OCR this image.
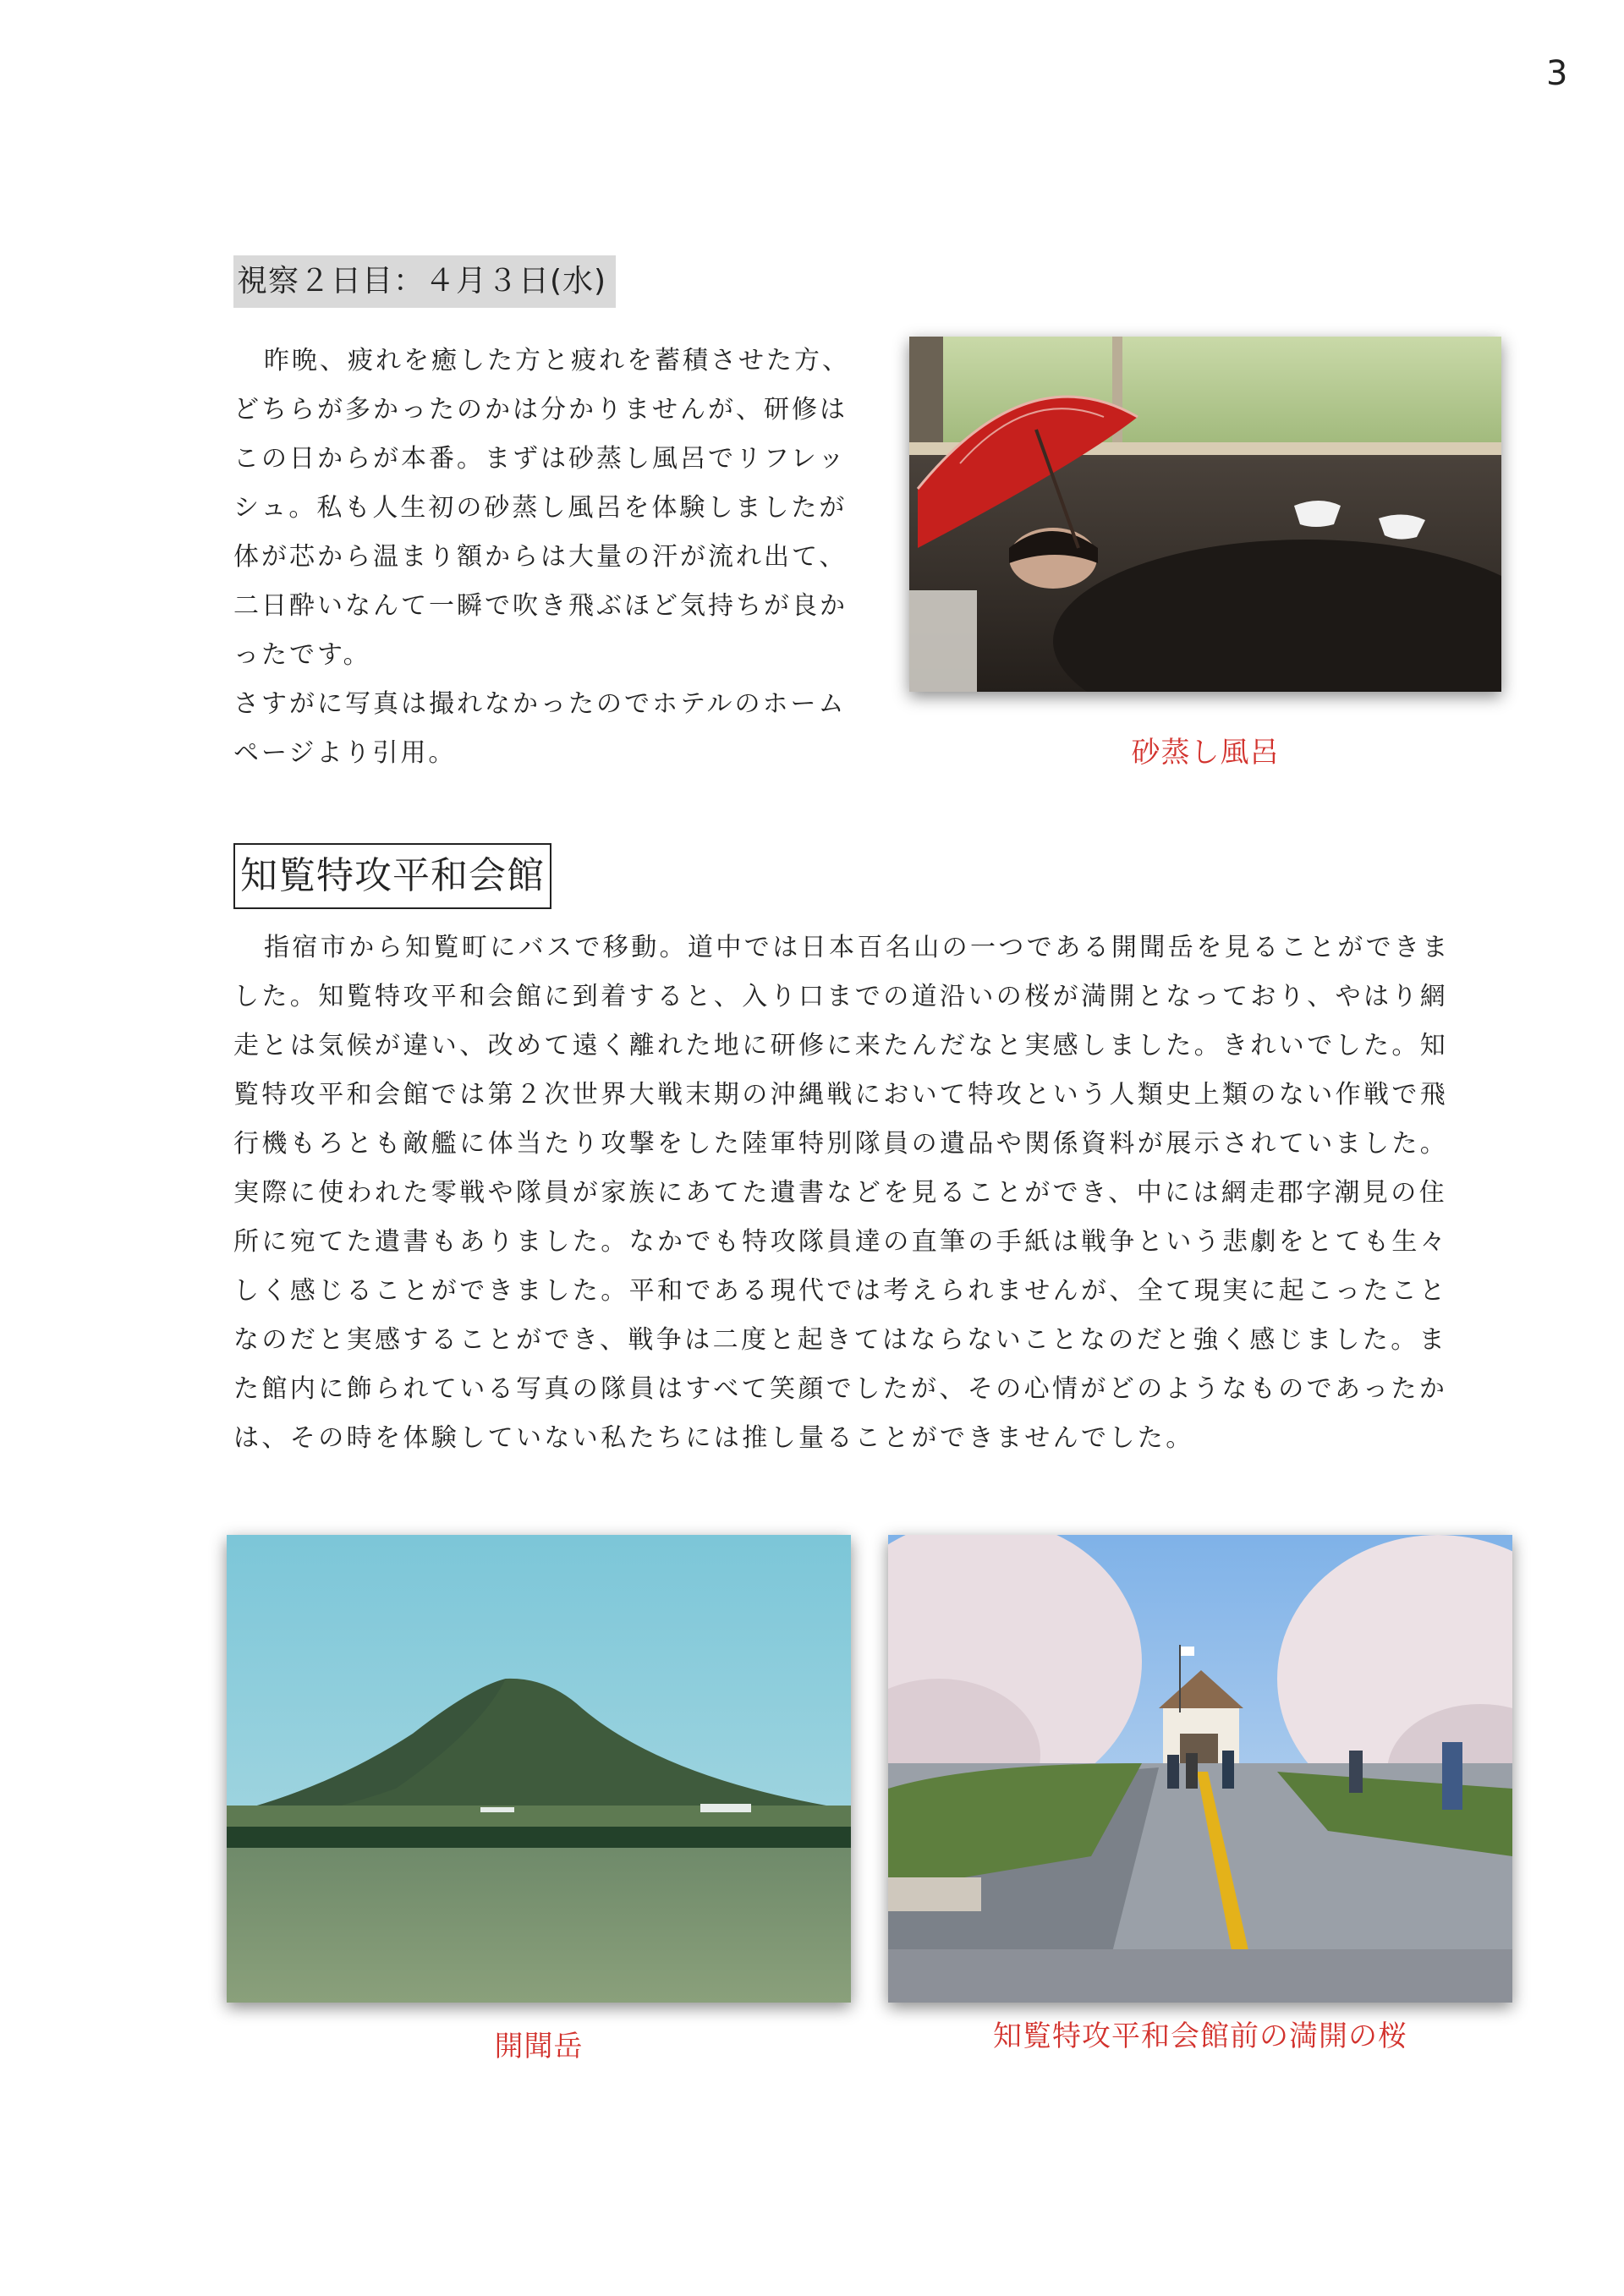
3
視察２日目：４月３日(水)

昨晩、疲れを癒した方と疲れを蓄積させた方、どちらが多かったのかは分かりませんが、研修はこの日からが本番。まずは砂蒸し風呂でリフレッシュ。私も人生初の砂蒸し風呂を体験しましたが体が芯から温まり額からは大量の汗が流れ出て、二日酔いなんて一瞬で吹き飛ぶほど気持ちが良かったです。

さすがに写真は撮れなかったのでホテルのホームページより引用。	砂蒸し風呂
知覧特攻平和会館

指宿市から知覧町にバスで移動。道中では日本百名山の一つである開聞岳を見ることができました。知覧特攻平和会館に到着すると、入り口までの道沿いの桜が満開となっており、やはり網走とは気候が違い、改めて遠く離れた地に研修に来たんだなと実感しました。きれいでした。知覧特攻平和会館では第２次世界大戦末期の沖縄戦において特攻という人類史上類のない作戦で飛行機もろとも敵艦に体当たり攻撃をした陸軍特別隊員の遺品や関係資料が展示されていました。実際に使われた零戦や隊員が家族にあてた遺書などを見ることができ、中には網走郡字潮見の住所に宛てた遺書もありました。なかでも特攻隊員達の直筆の手紙は戦争という悲劇をとても生々しく感じることができました。平和である現代では考えられませんが、全て現実に起こったことなのだと実感することができ、戦争は二度と起きてはならないことなのだと強く感じました。また館内に飾られている写真の隊員はすべて笑顔でしたが、その心情がどのようなものであったかは、その時を体験していない私たちには推し量ることができませんでした。

開聞岳	知覧特攻平和会館前の満開の桜
